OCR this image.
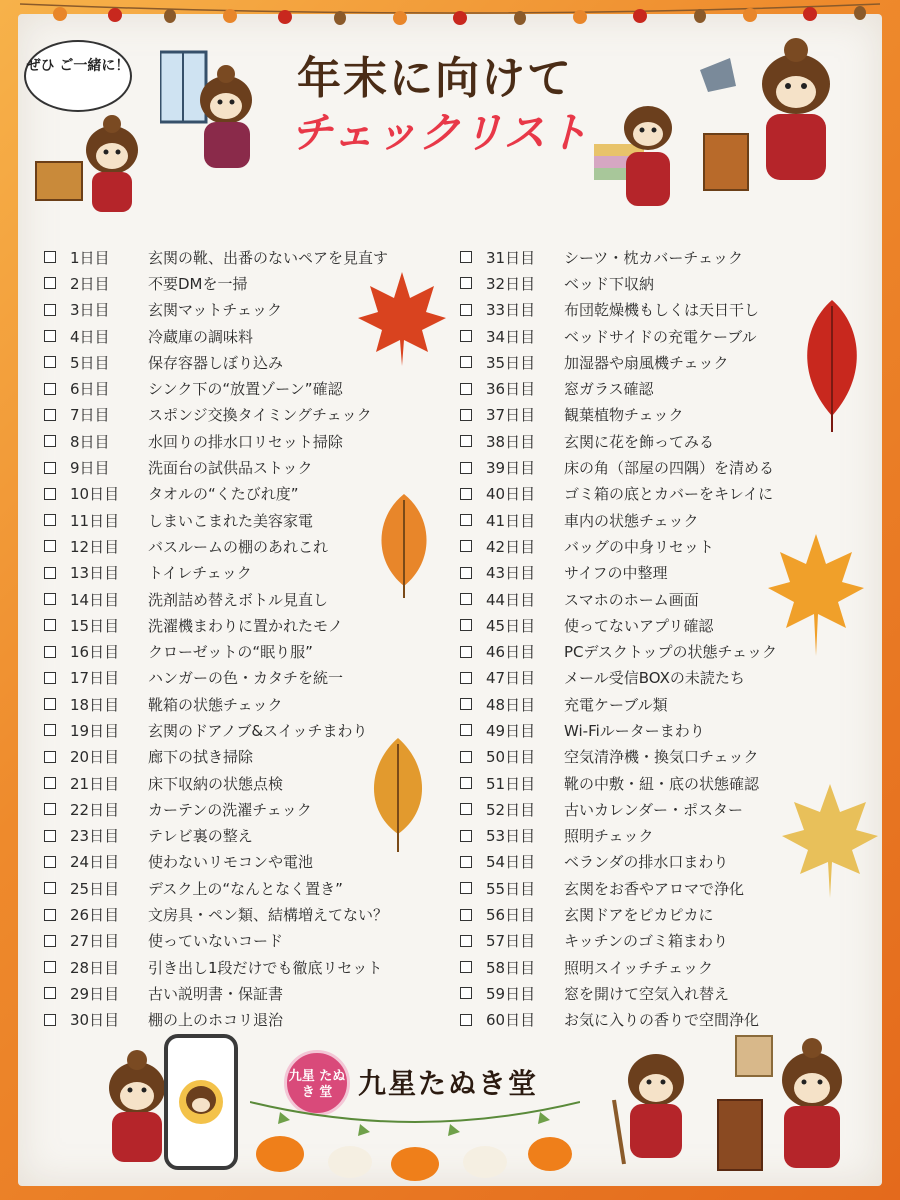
ぜひ ご一緒に！	年末に向けて
チェックリスト
1日目	玄関の靴、出番のないペアを見直す
2日目	不要DMを一掃
3日目	玄関マットチェック
4日目	冷蔵庫の調味料
5日目	保存容器しぼり込み
6日目	シンク下の“放置ゾーン”確認
7日目	スポンジ交換タイミングチェック
8日目	水回りの排水口リセット掃除
9日目	洗面台の試供品ストック
10日目	タオルの“くたびれ度”
11日目	しまいこまれた美容家電
12日目	バスルームの棚のあれこれ
13日目	トイレチェック
14日目	洗剤詰め替えボトル見直し
15日目	洗濯機まわりに置かれたモノ
16日目	クローゼットの“眠り服”
17日目	ハンガーの色・カタチを統一
18日目	靴箱の状態チェック
19日目	玄関のドアノブ&スイッチまわり
20日目	廊下の拭き掃除
21日目	床下収納の状態点検
22日目	カーテンの洗濯チェック
23日目	テレビ裏の整え
24日目	使わないリモコンや電池
25日目	デスク上の“なんとなく置き”
26日目	文房具・ペン類、結構増えてない？
27日目	使っていないコード
28日目	引き出し1段だけでも徹底リセット
29日目	古い説明書・保証書
30日目	棚の上のホコリ退治
31日目	シーツ・枕カバーチェック
32日目	ベッド下収納
33日目	布団乾燥機もしくは天日干し
34日目	ベッドサイドの充電ケーブル
35日目	加湿器や扇風機チェック
36日目	窓ガラス確認
37日目	観葉植物チェック
38日目	玄関に花を飾ってみる
39日目	床の角（部屋の四隅）を清める
40日目	ゴミ箱の底とカバーをキレイに
41日目	車内の状態チェック
42日目	バッグの中身リセット
43日目	サイフの中整理
44日目	スマホのホーム画面
45日目	使ってないアプリ確認
46日目	PCデスクトップの状態チェック
47日目	メール受信BOXの未読たち
48日目	充電ケーブル類
49日目	Wi-Fiルーターまわり
50日目	空気清浄機・換気口チェック
51日目	靴の中敷・紐・底の状態確認
52日目	古いカレンダー・ポスター
53日目	照明チェック
54日目	ベランダの排水口まわり
55日目	玄関をお香やアロマで浄化
56日目	玄関ドアをピカピカに
57日目	キッチンのゴミ箱まわり
58日目	照明スイッチチェック
59日目	窓を開けて空気入れ替え
60日目	お気に入りの香りで空間浄化
九星 たぬき 堂 九星たぬき堂
